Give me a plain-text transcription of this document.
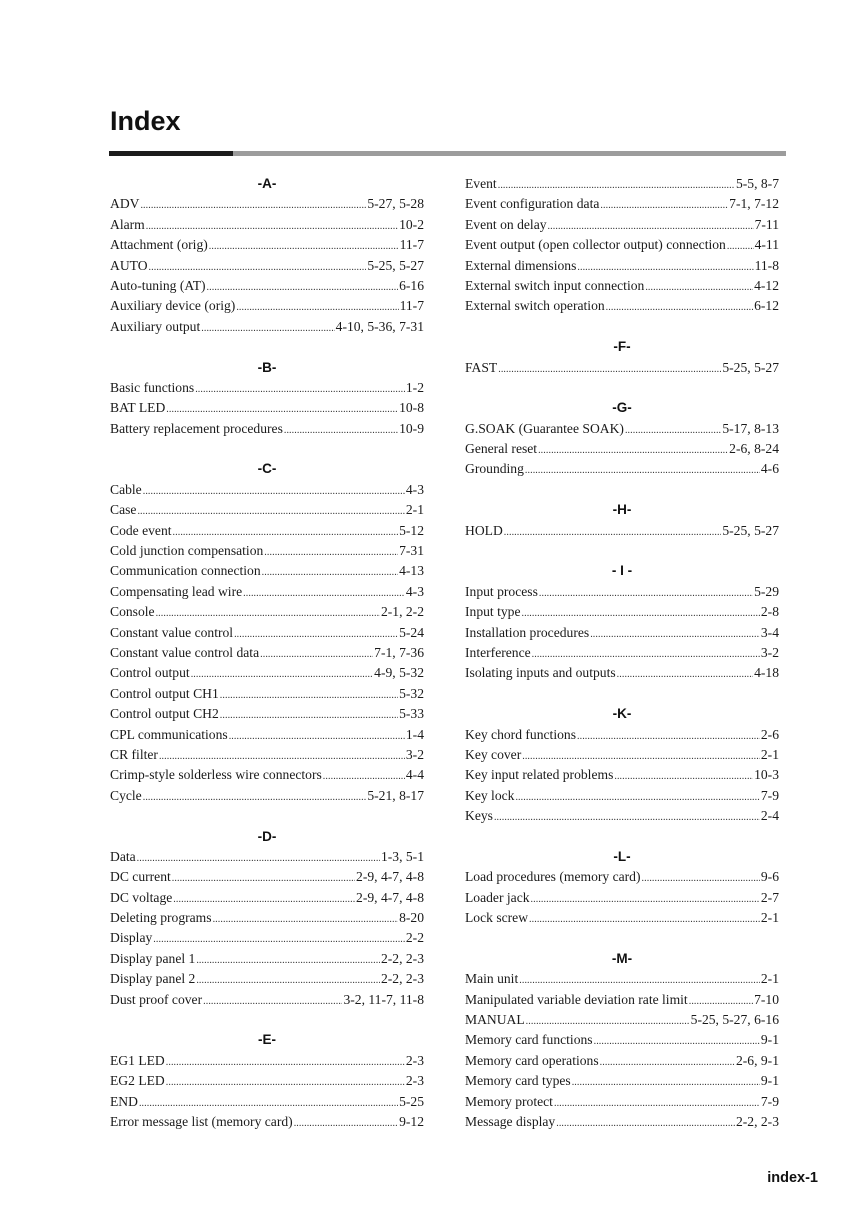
Index
-A-
ADV . . .	5-27, 5-28
Alarm . . .	10-2
Attachment (orig) . . .	11-7
AUTO . . .	5-25, 5-27
Auto-tuning (AT) . . .	6-16
Auxiliary device (orig) . . .	11-7
Auxiliary output . . .	4-10, 5-36, 7-31
-B-
Basic functions . . .	1-2
BAT LED . . .	10-8
Battery replacement procedures . . .	10-9
-C-
Cable . . .	4-3
Case . . .	2-1
Code event . . .	5-12
Cold junction compensation . . .	7-31
Communication connection . . .	4-13
Compensating lead wire . . .	4-3
Console . . .	2-1, 2-2
Constant value control . . .	5-24
Constant value control data . . .	7-1, 7-36
Control output . . .	4-9, 5-32
Control output CH1 . . .	5-32
Control output CH2 . . .	5-33
CPL communications . . .	1-4
CR filter . . .	3-2
Crimp-style solderless wire connectors . . .	4-4
Cycle . . .	5-21, 8-17
-D-
Data . . .	1-3, 5-1
DC current . . .	2-9, 4-7, 4-8
DC voltage . . .	2-9, 4-7, 4-8
Deleting programs . . .	8-20
Display . . .	2-2
Display panel 1 . . .	2-2, 2-3
Display panel 2 . . .	2-2, 2-3
Dust proof cover . . .	3-2, 11-7, 11-8
-E-
EG1 LED . . .	2-3
EG2 LED . . .	2-3
END . . .	5-25
Error message list (memory card) . . .	9-12
Event . . .	5-5, 8-7
Event configuration data . . .	7-1, 7-12
Event on delay . . .	7-11
Event output (open collector output) connection . . . 4-11
External dimensions . . .	11-8
External switch input connection . . .	4-12
External switch operation . . .	6-12
-F-
FAST . . .	5-25, 5-27
-G-
G.SOAK (Guarantee SOAK) . . .	5-17, 8-13
General reset . . .	2-6, 8-24
Grounding . . .	4-6
-H-
HOLD . . .	5-25, 5-27
- I -
Input process . . .	5-29
Input type . . .	2-8
Installation procedures . . .	3-4
Interference . . .	3-2
Isolating inputs and outputs . . .	4-18
-K-
Key chord functions . . .	2-6
Key cover . . .	2-1
Key input related problems . . .	10-3
Key lock . . .	7-9
Keys . . .	2-4
-L-
Load procedures (memory card) . . .	9-6
Loader jack . . .	2-7
Lock screw . . .	2-1
-M-
Main unit . . .	2-1
Manipulated variable deviation rate limit . . .	7-10
MANUAL . . .	5-25, 5-27, 6-16
Memory card functions . . .	9-1
Memory card operations . . .	2-6, 9-1
Memory card types . . .	9-1
Memory protect . . .	7-9
Message display . . .	2-2, 2-3
index-1
